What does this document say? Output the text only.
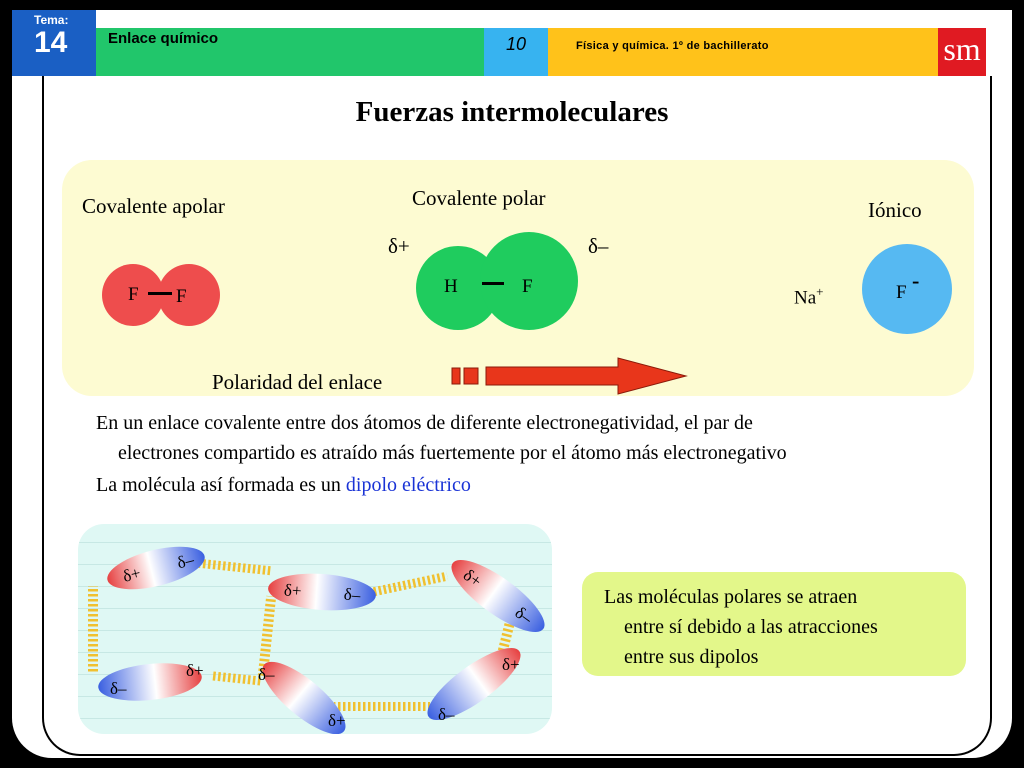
Tema:
14	Enlace químico	10	Física y química. 1º de bachillerato	sm
Fuerzas intermoleculares
Covalente apolar
F F
Covalente polar
δ+	δ–
H	F
Iónico
Na+	F -
Polaridad del enlace
En un enlace covalente entre dos átomos de diferente electronegatividad, el par de
electrones compartido es atraído más fuertemente por el átomo más electronegativo
La molécula así formada es un dipolo eléctrico
δ+
δ–
δ+ δ–
δ+
δ–
δ–
δ+	δ–
δ+	δ–
δ+
Las moléculas polares se atraen
entre sí debido a las atracciones
entre sus dipolos
